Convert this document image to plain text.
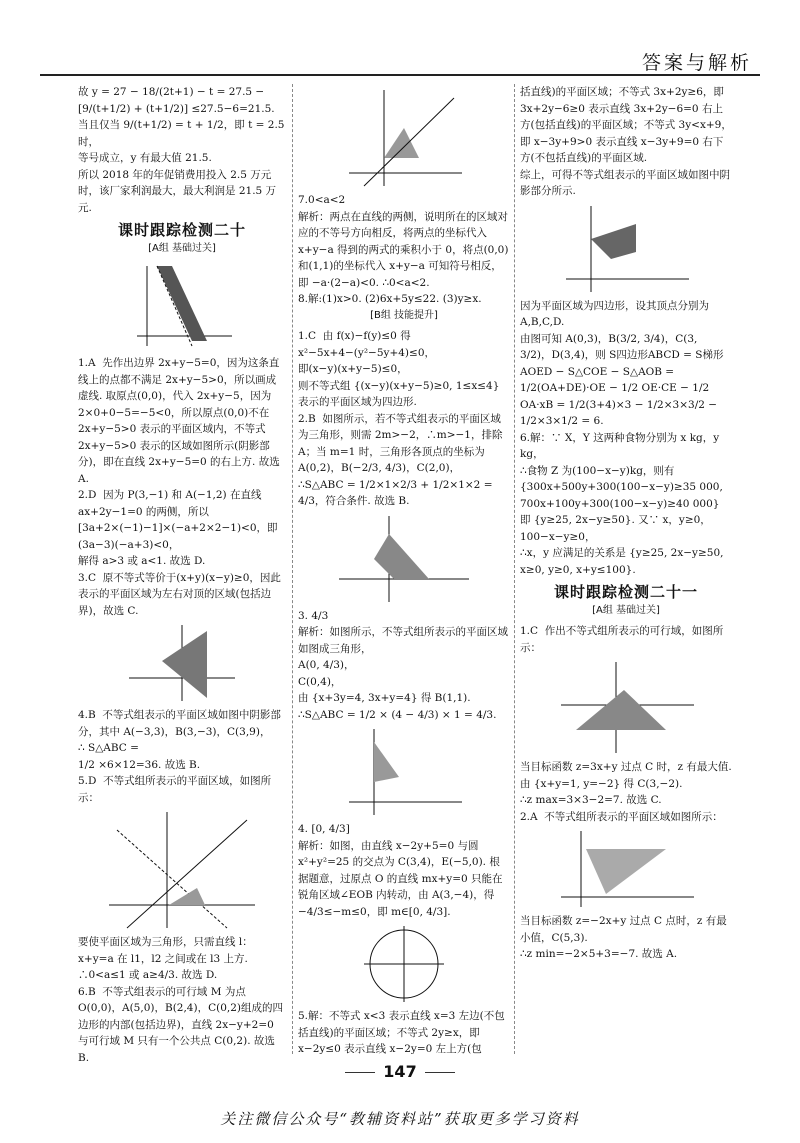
答案与解析

故 y = 27 − 18/(2t+1) − t = 27.5 − [9/(t+1/2) + (t+1/2)] ≤27.5−6=21.5.
当且仅当 9/(t+1/2) = t + 1/2，即 t = 2.5 时，
等号成立，y 有最大值 21.5.
所以 2018 年的年促销费用投入 2.5 万元时，该厂家利润最大，最大利润是 21.5 万元.

课时跟踪检测二十
[A组 基础过关]

1.A  先作出边界 2x+y−5=0，因为这条直线上的点都不满足 2x+y−5>0，所以画成虚线. 取原点(0,0)，代入 2x+y−5，因为 2×0+0−5=−5<0，所以原点(0,0)不在 2x+y−5>0 表示的平面区域内，不等式 2x+y−5>0 表示的区域如图所示(阴影部分)，即在直线 2x+y−5=0 的右上方. 故选 A.

2.D  因为 P(3,−1) 和 A(−1,2) 在直线 ax+2y−1=0 的两侧，所以[3a+2×(−1)−1]×(−a+2×2−1)<0，即(3a−3)(−a+3)<0，
解得 a>3 或 a<1. 故选 D.

3.C  原不等式等价于(x+y)(x−y)≥0，因此表示的平面区域为左右对顶的区域(包括边界)，故选 C.

4.B  不等式组表示的平面区域如图中阴影部分，其中 A(−3,3)，B(3,−3)，C(3,9)，
∴ S△ABC =
1/2 ×6×12=36. 故选 B.

5.D  不等式组所表示的平面区域，如图所示：

要使平面区域为三角形，只需直线 l：x+y=a 在 l1，l2 之间或在 l3 上方. ∴0<a≤1 或 a≥4/3. 故选 D.

6.B  不等式组表示的可行域 M 为点 O(0,0)，A(5,0)，B(2,4)，C(0,2)组成的四边形的内部(包括边界)，直线 2x−y+2=0 与可行域 M 只有一个公共点 C(0,2). 故选 B.

7.0<a<2
解析：两点在直线的两侧，说明所在的区域对应的不等号方向相反，将两点的坐标代入 x+y−a 得到的两式的乘积小于 0，将点(0,0)和(1,1)的坐标代入 x+y−a 可知符号相反，即 −a·(2−a)<0. ∴0<a<2.

8.解:(1)x>0. (2)6x+5y≤22. (3)y≥x.

[B组 技能提升]

1.C  由 f(x)−f(y)≤0 得
x²−5x+4−(y²−5y+4)≤0，
即(x−y)(x+y−5)≤0，
则不等式组 {(x−y)(x+y−5)≥0, 1≤x≤4}
表示的平面区域为四边形.

2.B  如图所示，若不等式组表示的平面区域为三角形，则需 2m>−2，∴m>−1，排除 A；当 m=1 时，三角形各顶点的坐标为 A(0,2)，B(−2/3, 4/3)，C(2,0)，
∴S△ABC = 1/2×1×2/3 + 1/2×1×2 = 4/3，符合条件. 故选 B.

3. 4/3
解析：如图所示，不等式组所表示的平面区域如图成三角形，
A(0, 4/3)，
C(0,4)，
由 {x+3y=4, 3x+y=4} 得 B(1,1).
∴S△ABC = 1/2 × (4 − 4/3) × 1 = 4/3.

4. [0, 4/3]
解析：如图，由直线 x−2y+5=0 与圆 x²+y²=25 的交点为 C(3,4)，E(−5,0). 根据题意，过原点 O 的直线 mx+y=0 只能在锐角区域∠EOB 内转动，由 A(3,−4)，得 −4/3≤−m≤0，即 m∈[0, 4/3].

5.解：不等式 x<3 表示直线 x=3 左边(不包括直线)的平面区域；不等式 2y≥x，即 x−2y≤0 表示直线 x−2y=0 左上方(包

括直线)的平面区域；不等式 3x+2y≥6，即 3x+2y−6≥0 表示直线 3x+2y−6=0 右上方(包括直线)的平面区域；不等式 3y<x+9，即 x−3y+9>0 表示直线 x−3y+9=0 右下方(不包括直线)的平面区域.
综上，可得不等式组表示的平面区域如图中阴影部分所示.

因为平面区域为四边形，设其顶点分别为 A,B,C,D.
由图可知 A(0,3)，B(3/2, 3/4)，C(3, 3/2)，D(3,4)，则 S四边形ABCD = S梯形AOED − S△COE − S△AOB = 1/2(OA+DE)·OE − 1/2 OE·CE − 1/2 OA·xB = 1/2(3+4)×3 − 1/2×3×3/2 − 1/2×3×1/2 = 6.

6.解：∵ X，Y 这两种食物分别为 x kg，y kg，
∴食物 Z 为(100−x−y)kg，则有
{300x+500y+300(100−x−y)≥35 000, 700x+100y+300(100−x−y)≥40 000}
即 {y≥25, 2x−y≥50}. 又∵ x，y≥0，100−x−y≥0，
∴x，y 应满足的关系是 {y≥25, 2x−y≥50, x≥0, y≥0, x+y≤100}.

课时跟踪检测二十一
[A组 基础过关]

1.C  作出不等式组所表示的可行域，如图所示：

当目标函数 z=3x+y 过点 C 时，z 有最大值.
由 {x+y=1, y=−2} 得 C(3,−2).
∴z max=3×3−2=7. 故选 C.

2.A  不等式组所表示的平面区域如图所示：

当目标函数 z=−2x+y 过点 C 点时，z 有最小值，C(5,3).
∴z min=−2×5+3=−7. 故选 A.

147
关注微信公众号“教辅资料站”获取更多学习资料
